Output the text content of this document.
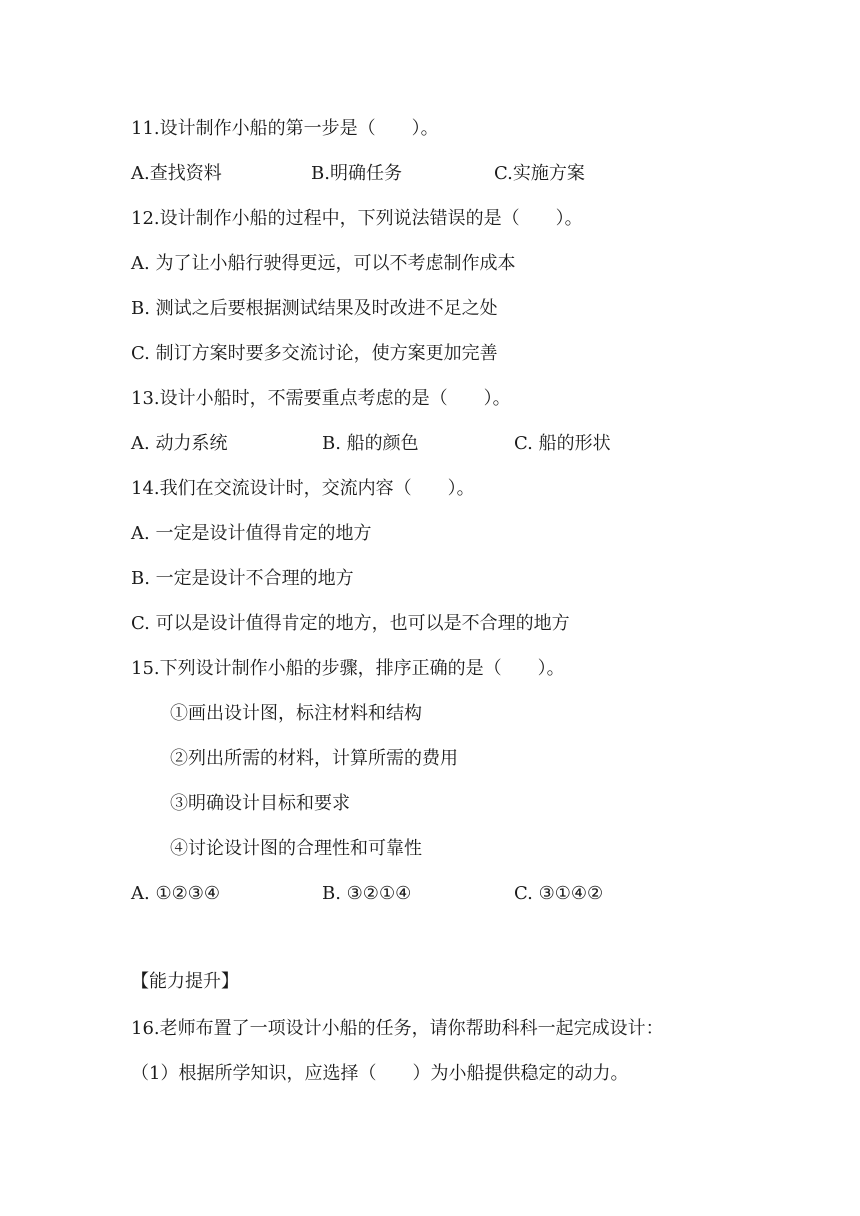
11.设计制作小船的第一步是（　　）。
A.查找资料	B.明确任务	C.实施方案
12.设计制作小船的过程中，下列说法错误的是（　　）。
A. 为了让小船行驶得更远，可以不考虑制作成本
B. 测试之后要根据测试结果及时改进不足之处
C. 制订方案时要多交流讨论，使方案更加完善
13.设计小船时，不需要重点考虑的是（　　）。
A. 动力系统	B. 船的颜色	C. 船的形状
14.我们在交流设计时，交流内容（　　）。
A. 一定是设计值得肯定的地方
B. 一定是设计不合理的地方
C. 可以是设计值得肯定的地方，也可以是不合理的地方
15.下列设计制作小船的步骤，排序正确的是（　　）。
①画出设计图，标注材料和结构
②列出所需的材料，计算所需的费用
③明确设计目标和要求
④讨论设计图的合理性和可靠性
A. ①②③④	B. ③②①④	C. ③①④②
【能力提升】
16.老师布置了一项设计小船的任务，请你帮助科科一起完成设计：
（1）根据所学知识，应选择（　　）为小船提供稳定的动力。
